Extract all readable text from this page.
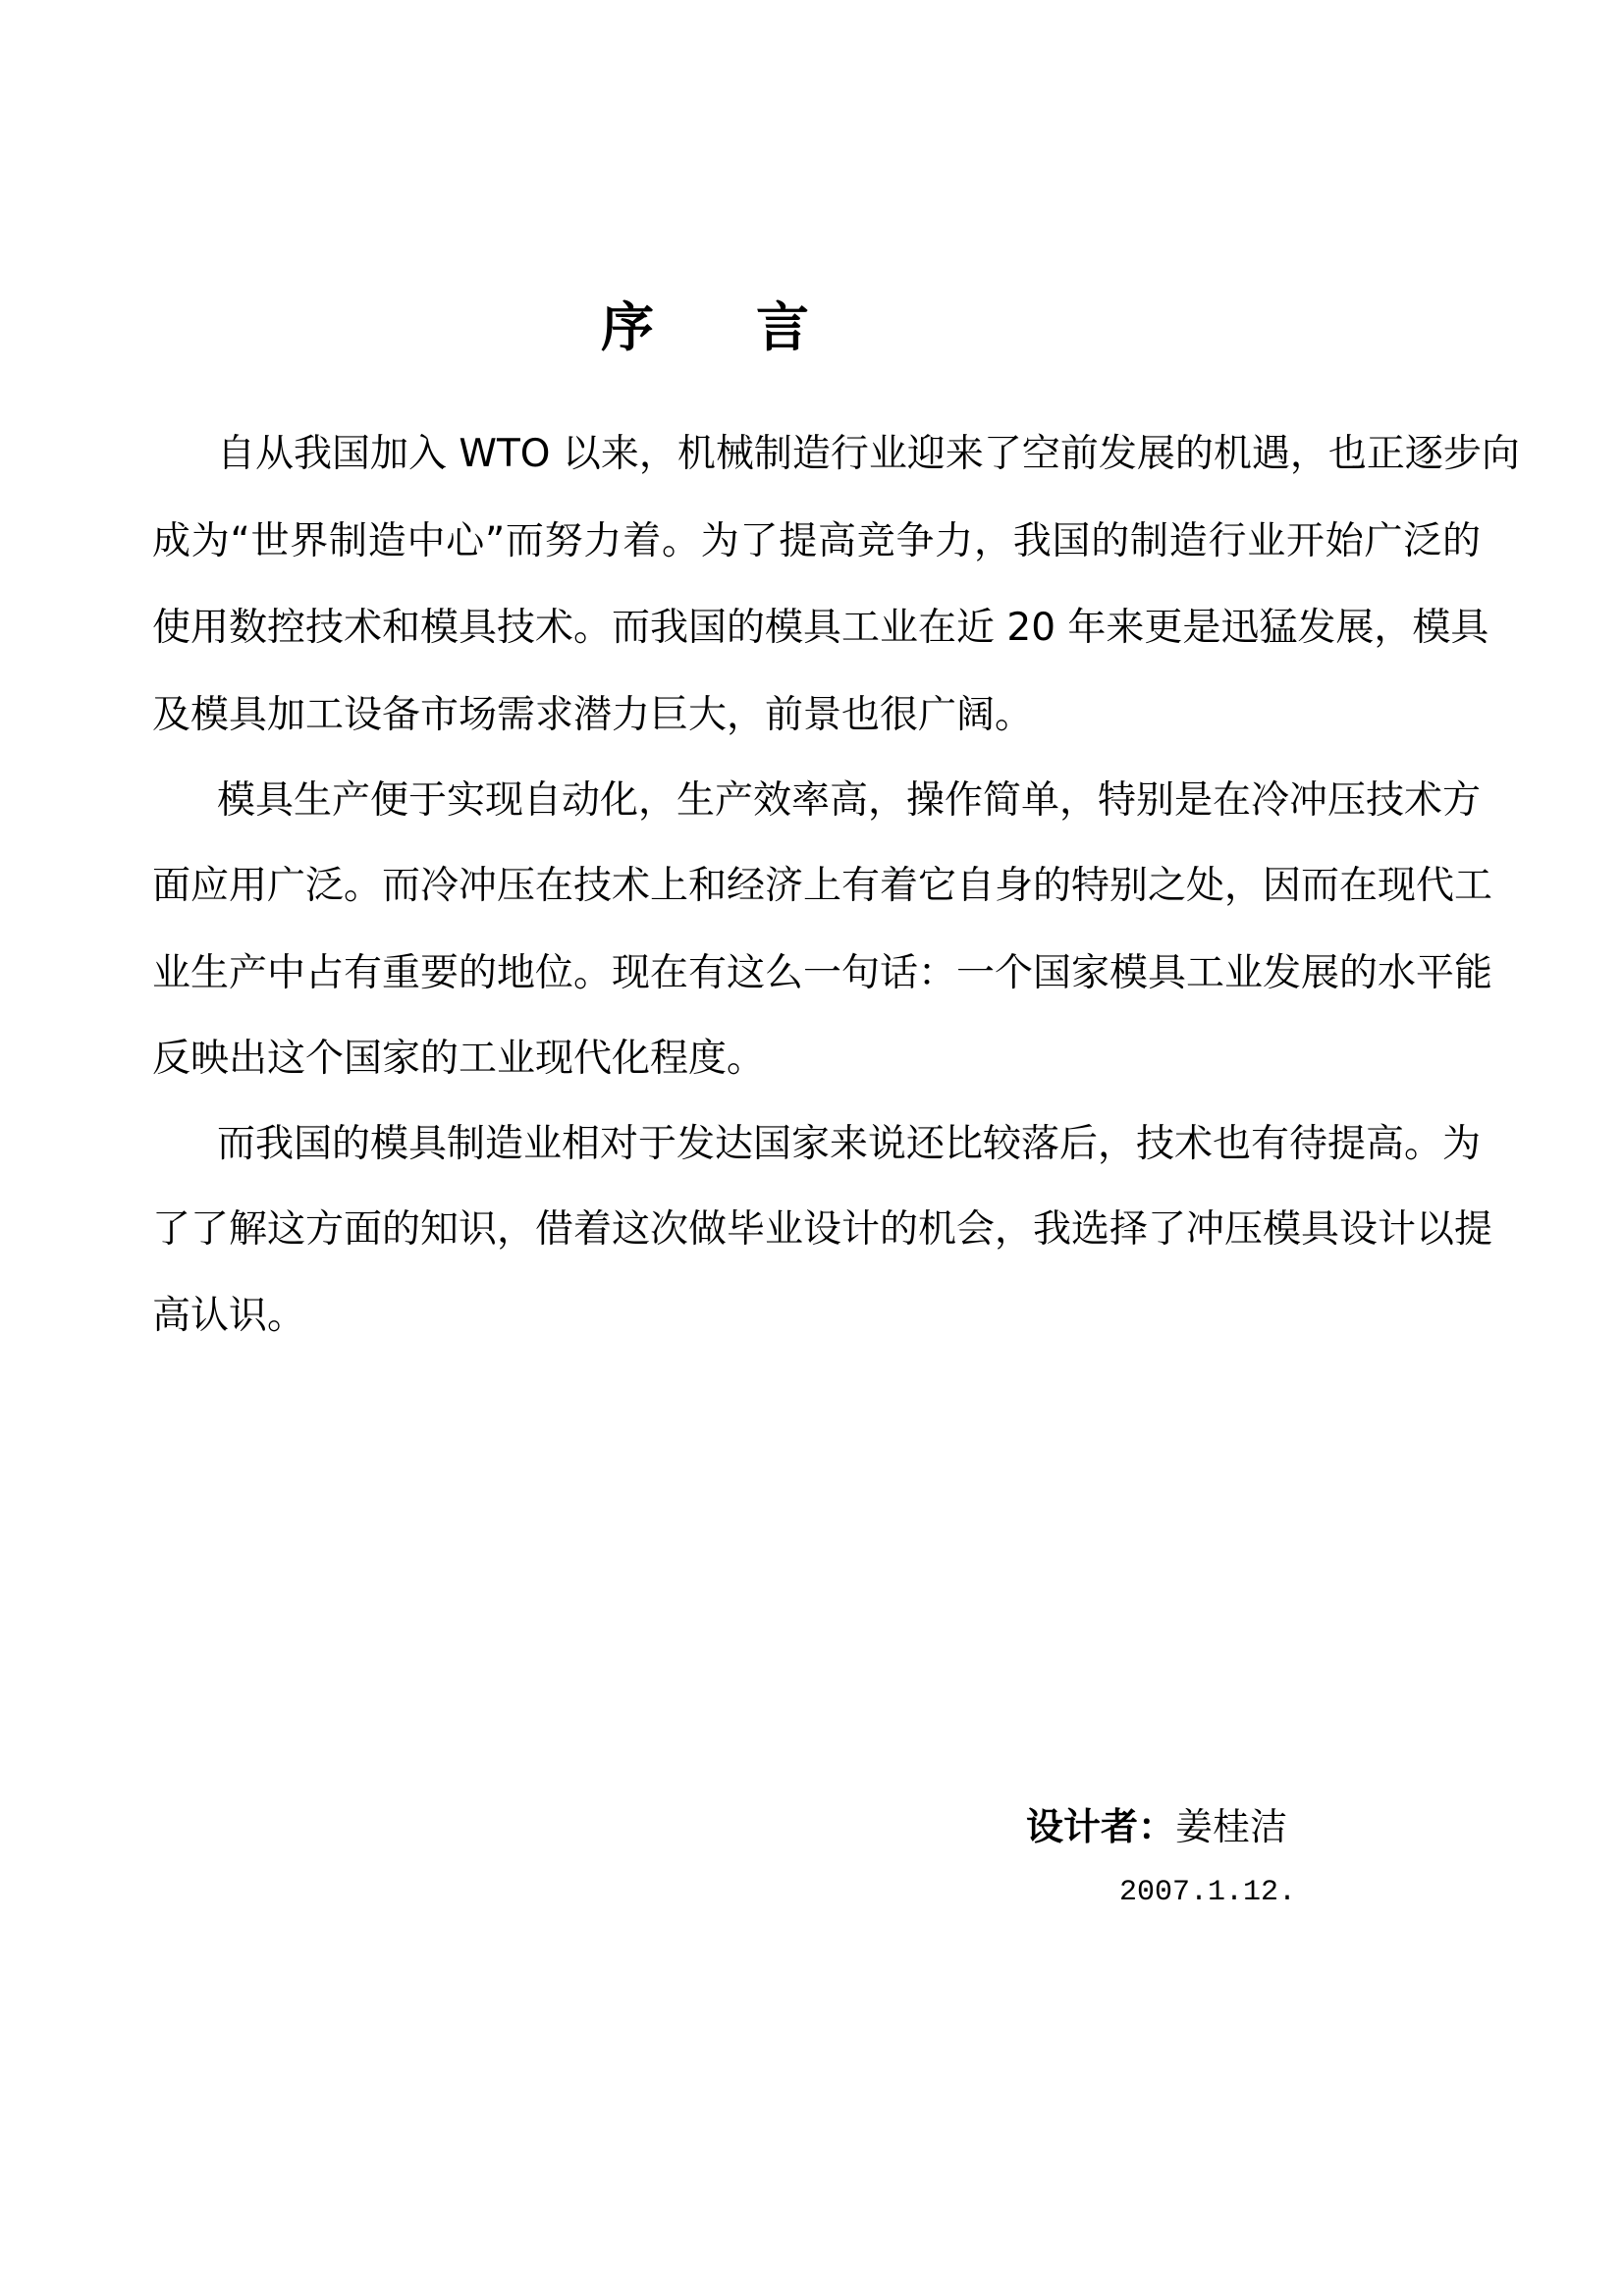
序 言
自从我国加入 WTO 以来，机械制造行业迎来了空前发展的机遇，也正逐步向
成为“世界制造中心”而努力着。为了提高竞争力，我国的制造行业开始广泛的
使用数控技术和模具技术。而我国的模具工业在近 20 年来更是迅猛发展，模具
及模具加工设备市场需求潜力巨大，前景也很广阔。
模具生产便于实现自动化，生产效率高，操作简单，特别是在冷冲压技术方
面应用广泛。而冷冲压在技术上和经济上有着它自身的特别之处，因而在现代工
业生产中占有重要的地位。现在有这么一句话：一个国家模具工业发展的水平能
反映出这个国家的工业现代化程度。
而我国的模具制造业相对于发达国家来说还比较落后，技术也有待提高。为
了了解这方面的知识，借着这次做毕业设计的机会，我选择了冲压模具设计以提
高认识。
设计者：姜桂洁
2007.1.12.
